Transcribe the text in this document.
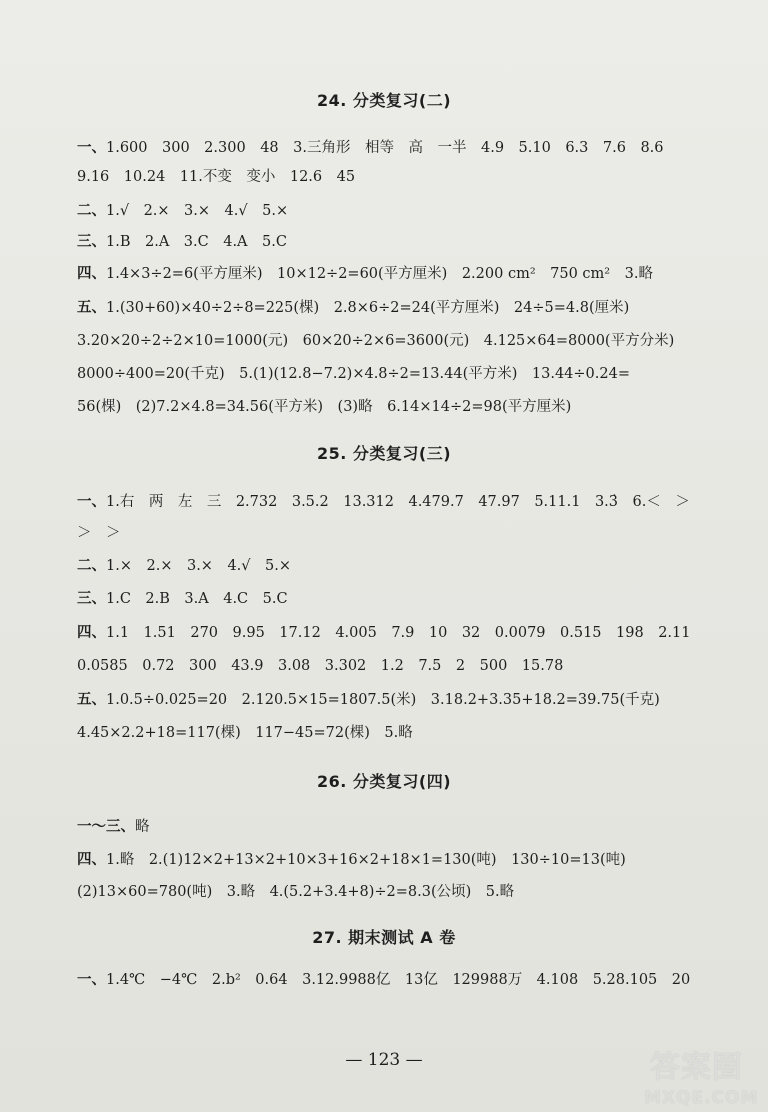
24. 分类复习(二)
一、1.600　300　2.300　48　3.三角形　相等　高　一半　4.9　5.10　6.3　7.6　8.6
9.16　10.24　11.不变　变小　12.6　45
二、1.√　2.×　3.×　4.√　5.×
三、1.B　2.A　3.C　4.A　5.C
四、1.4×3÷2=6(平方厘米)　10×12÷2=60(平方厘米)　2.200 cm²　750 cm²　3.略
五、1.(30+60)×40÷2÷8=225(棵)　2.8×6÷2=24(平方厘米)　24÷5=4.8(厘米)
3.20×20÷2÷2×10=1000(元)　60×20÷2×6=3600(元)　4.125×64=8000(平方分米)
8000÷400=20(千克)　5.(1)(12.8−7.2)×4.8÷2=13.44(平方米)　13.44÷0.24=
56(棵)　(2)7.2×4.8=34.56(平方米)　(3)略　6.14×14÷2=98(平方厘米)
25. 分类复习(三)
一、1.右　两　左　三　2.732　3.5.2　13.312　4.479.7　47.97　5.11.1　3.3̇　6.＜　＞
＞　＞
二、1.×　2.×　3.×　4.√　5.×
三、1.C　2.B　3.A　4.C　5.C
四、1.1　1.51　270　9.95　17.12　4.005　7.9　10　32　0.0079　0.515　198　2.11
0.0585　0.72　300　43.9　3.08　3.302　1.2　7.5　2　500　15.78
五、1.0.5÷0.025=20　2.120.5×15=1807.5(米)　3.18.2+3.35+18.2=39.75(千克)
4.45×2.2+18=117(棵)　117−45=72(棵)　5.略
26. 分类复习(四)
一～三、略
四、1.略　2.(1)12×2+13×2+10×3+16×2+18×1=130(吨)　130÷10=13(吨)
(2)13×60=780(吨)　3.略　4.(5.2+3.4+8)÷2=8.3(公顷)　5.略
27. 期末测试 A 卷
一、1.4℃　−4℃　2.b²　0.64　3.12.9988亿　13亿　129988万　4.108　5.28.105　20
— 123 —	答案圈
MXQE.COM
